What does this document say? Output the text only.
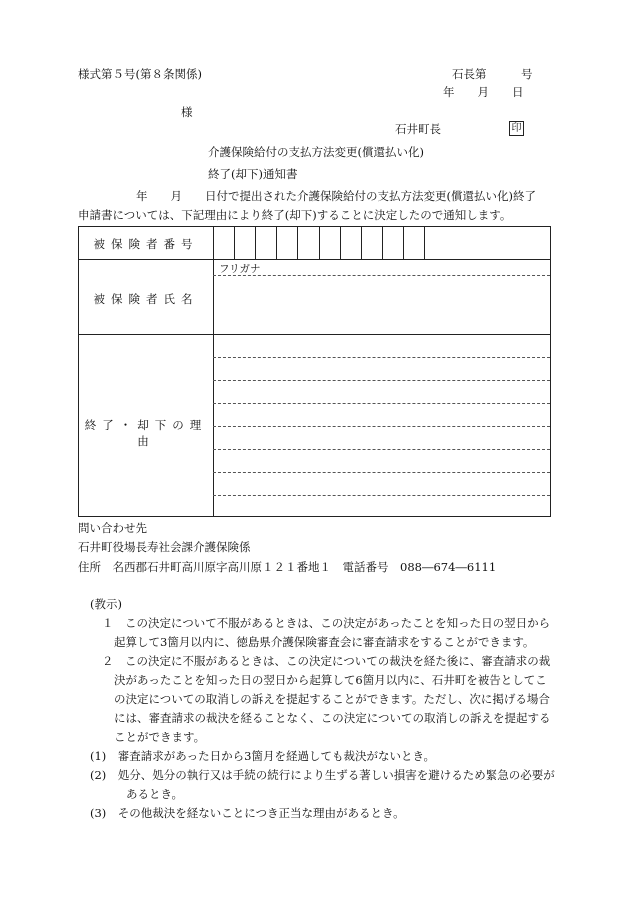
様式第５号(第８条関係)	石長第　　　号
年　　月　　日
様
石井町長	印
介護保険給付の支払方法変更(償還払い化)
終了(却下)通知書
年　　月　　日付で提出された介護保険給付の支払方法変更(償還払い化)終了
申請書については、下記理由により終了(却下)することに決定したので通知します。
被保険者番号
フリガナ
被保険者氏名
終了・却下の理由
問い合わせ先
石井町役場長寿社会課介護保険係
住所　名西郡石井町高川原字高川原１２１番地１　電話番号　088―674―6111
(教示)
１　この決定について不服があるときは、この決定があったことを知った日の翌日から起算して3箇月以内に、徳島県介護保険審査会に審査請求をすることができます。
２　この決定に不服があるときは、この決定についての裁決を経た後に、審査請求の裁決があったことを知った日の翌日から起算して6箇月以内に、石井町を被告としてこの決定についての取消しの訴えを提起することができます。ただし、次に掲げる場合には、審査請求の裁決を経ることなく、この決定についての取消しの訴えを提起することができます。
(1)　審査請求があった日から3箇月を経過しても裁決がないとき。
(2)　処分、処分の執行又は手続の続行により生ずる著しい損害を避けるため緊急の必要があるとき。
(3)　その他裁決を経ないことにつき正当な理由があるとき。
